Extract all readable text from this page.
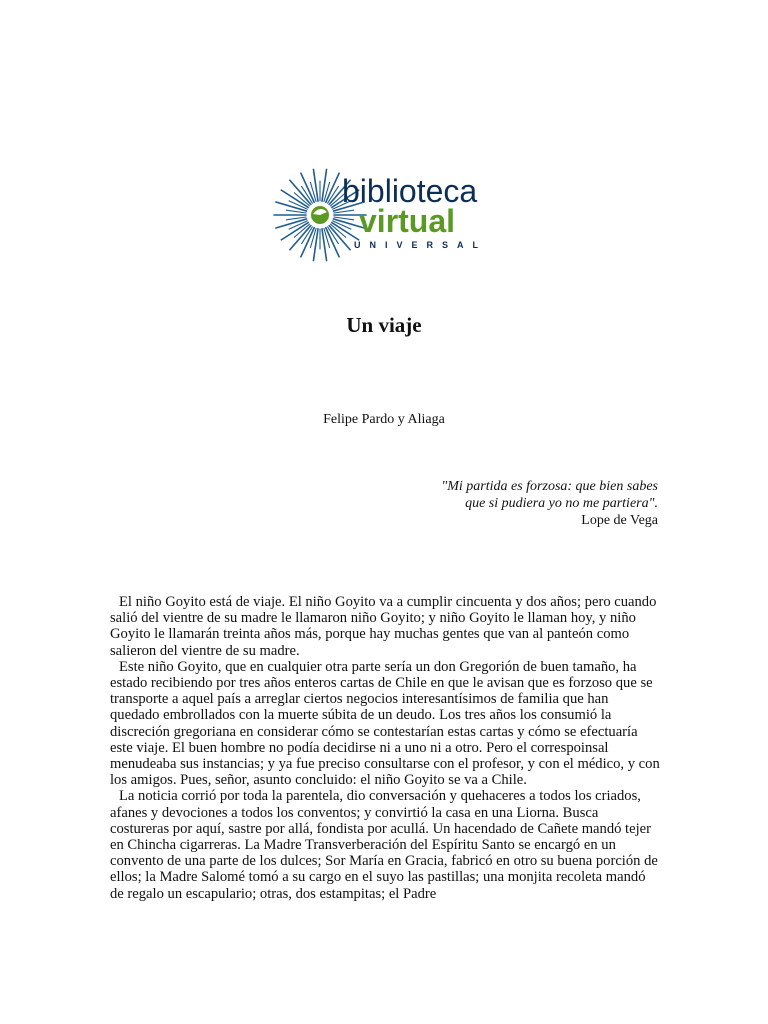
biblioteca
virtual
UNIVERSAL
Un viaje
Felipe Pardo y Aliaga
"Mi partida es forzosa: que bien sabes
que si pudiera yo no me partiera".
Lope de Vega

El niño Goyito está de viaje. El niño Goyito va a cumplir cincuenta y dos años; pero cuando salió del vientre de su madre le llamaron niño Goyito; y niño Goyito le llaman hoy, y niño Goyito le llamarán treinta años más, porque hay muchas gentes que van al panteón como salieron del vientre de su madre.

Este niño Goyito, que en cualquier otra parte sería un don Gregorión de buen tamaño, ha estado recibiendo por tres años enteros cartas de Chile en que le avisan que es forzoso que se transporte a aquel país a arreglar ciertos negocios interesantísimos de familia que han quedado embrollados con la muerte súbita de un deudo. Los tres años los consumió la discreción gregoriana en considerar cómo se contestarían estas cartas y cómo se efectuaría este viaje. El buen hombre no podía decidirse ni a uno ni a otro. Pero el correspoinsal menudeaba sus instancias; y ya fue preciso consultarse con el profesor, y con el médico, y con los amigos. Pues, señor, asunto concluido: el niño Goyito se va a Chile.

La noticia corrió por toda la parentela, dio conversación y quehaceres a todos los criados, afanes y devociones a todos los conventos; y convirtió la casa en una Liorna. Busca costureras por aquí, sastre por allá, fondista por acullá. Un hacendado de Cañete mandó tejer en Chincha cigarreras. La Madre Transverberación del Espíritu Santo se encargó en un convento de una parte de los dulces; Sor María en Gracia, fabricó en otro su buena porción de ellos; la Madre Salomé tomó a su cargo en el suyo las pastillas; una monjita recoleta mandó de regalo un escapulario; otras, dos estampitas; el Padre
